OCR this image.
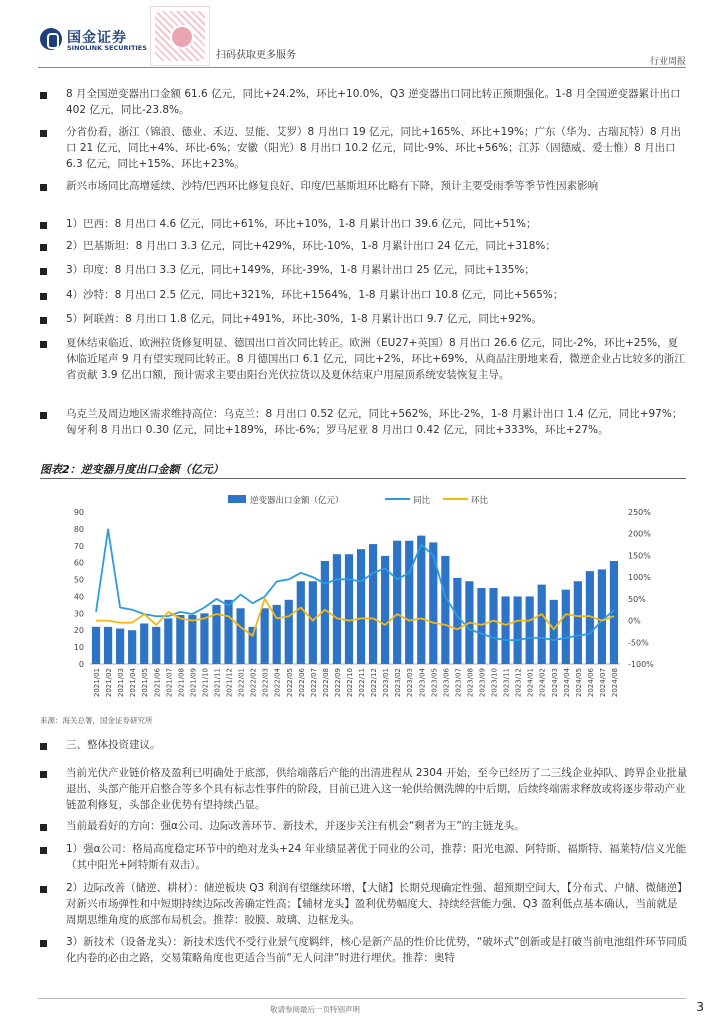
国金证券
SINOLINK SECURITIES
扫码获取更多服务
行业周报
8 月全国逆变器出口金额 61.6 亿元，同比+24.2%，环比+10.0%，Q3 逆变器出口同比转正预期强化。1-8 月全国逆变器累计出口 402 亿元，同比-23.8%。
分省份看，浙江（锦浪、德业、禾迈、昱能、艾罗）8 月出口 19 亿元，同比+165%、环比+19%；广东（华为、古瑞瓦特）8 月出口 21 亿元，同比+4%、环比-6%；安徽（阳光）8 月出口 10.2 亿元，同比-9%、环比+56%；江苏（固德威、爱士惟）8 月出口 6.3 亿元，同比+15%、环比+23%。
新兴市场同比高增延续、沙特/巴西环比修复良好、印度/巴基斯坦环比略有下降，预计主要受雨季等季节性因素影响
1）巴西：8 月出口 4.6 亿元，同比+61%，环比+10%，1-8 月累计出口 39.6 亿元，同比+51%；
2）巴基斯坦：8 月出口 3.3 亿元，同比+429%，环比-10%，1-8 月累计出口 24 亿元，同比+318%；
3）印度：8 月出口 3.3 亿元，同比+149%，环比-39%，1-8 月累计出口 25 亿元，同比+135%；
4）沙特：8 月出口 2.5 亿元，同比+321%，环比+1564%，1-8 月累计出口 10.8 亿元，同比+565%；
5）阿联酋：8 月出口 1.8 亿元，同比+491%，环比-30%，1-8 月累计出口 9.7 亿元，同比+92%。
夏休结束临近、欧洲拉货修复明显、德国出口首次同比转正。欧洲（EU27+英国）8 月出口 26.6 亿元，同比-2%，环比+25%，夏休临近尾声 9 月有望实现同比转正。8 月德国出口 6.1 亿元，同比+2%，环比+69%，从商品注册地来看，微逆企业占比较多的浙江省贡献 3.9 亿出口额，预计需求主要由阳台光伏拉货以及夏休结束户用屋顶系统安装恢复主导。
乌克兰及周边地区需求维持高位：乌克兰：8 月出口 0.52 亿元，同比+562%，环比-2%，1-8 月累计出口 1.4 亿元，同比+97%；匈牙利 8 月出口 0.30 亿元，同比+189%，环比-6%；罗马尼亚 8 月出口 0.42 亿元，同比+333%，环比+27%。
图表2：逆变器月度出口金额（亿元）
逆变器出口金额（亿元）	同比	环比
0
10
20
30
40
50
60
70
80
90
-100%
-50%
0%
50%
100%
150%
200%
250%
2021/01 2021/02 2021/03 2021/04 2021/05 2021/06 2021/07 2021/08 2021/09 2021/10 2021/11 2021/12 2022/01 2022/02 2022/03 2022/04 2022/05 2022/06 2022/07 2022/08 2022/09 2022/10 2022/11 2022/12 2023/01 2023/02 2023/03 2023/04 2023/05 2023/06 2023/07 2023/08 2023/09 2023/10 2023/11 2023/12 2024/01 2024/02 2024/03 2024/04 2024/05 2024/06 2024/07 2024/08
来源：海关总署，国金证券研究所
三、整体投资建议。
当前光伏产业链价格及盈利已明确处于底部，供给端落后产能的出清进程从 2304 开始，至今已经历了二三线企业掉队、跨界企业批量退出、头部产能开启整合等多个具有标志性事件的阶段，目前已进入这一轮供给侧洗牌的中后期，后续终端需求释放或将逐步带动产业链盈利修复，头部企业优势有望持续凸显。
当前最看好的方向：强α公司、边际改善环节、新技术，并逐步关注有机会“剩者为王”的主链龙头。
1）强α公司：格局高度稳定环节中的绝对龙头+24 年业绩显著优于同业的公司，推荐：阳光电源、阿特斯、福斯特、福莱特/信义光能（其中阳光+阿特斯有双击）。
2）边际改善（储逆、耕材）：储逆板块 Q3 利润有望继续环增，【大储】长期兑现确定性强、超预期空间大，【分布式、户储、微储逆】对新兴市场弹性和中短期持续边际改善确定性高；【辅材龙头】盈利优势幅度大、持续经营能力强、Q3 盈利低点基本确认，当前就是周期思维角度的底部布局机会。推荐：胶膜、玻璃、边框龙头。
3）新技术（设备龙头）：新技术迭代不受行业景气度羁绊，核心是新产品的性价比优势，“破坏式”创新或是打破当前电池组件环节同质化内卷的必由之路，交易策略角度也更适合当前“无人问津”时进行埋伏。推荐：奥特
敬请参阅最后一页特别声明	3
